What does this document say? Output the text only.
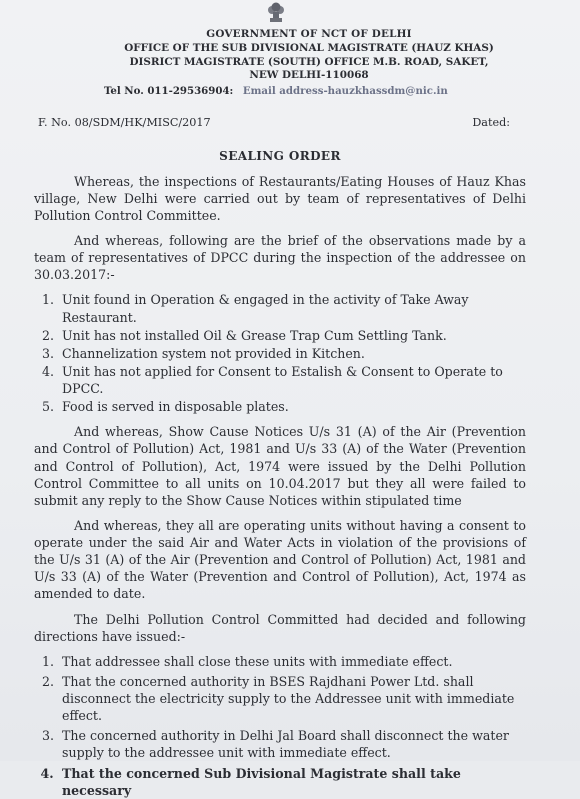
GOVERNMENT OF NCT OF DELHI
OFFICE OF THE SUB DIVISIONAL MAGISTRATE (HAUZ KHAS)
DISRICT MAGISTRATE (SOUTH) OFFICE M.B. ROAD, SAKET,
NEW DELHI-110068
Tel No. 011-29536904: Email address-hauzkhassdm@nic.in
F. No. 08/SDM/HK/MISC/2017	Dated:
SEALING ORDER

Whereas, the inspections of Restaurants/Eating Houses of Hauz Khas village, New Delhi were carried out by team of representatives of Delhi Pollution Control Committee.

And whereas, following are the brief of the observations made by a team of representatives of DPCC during the inspection of the addressee on 30.03.2017:-

1. Unit found in Operation & engaged in the activity of Take Away Restaurant.
2. Unit has not installed Oil & Grease Trap Cum Settling Tank.
3. Channelization system not provided in Kitchen.
4. Unit has not applied for Consent to Estalish & Consent to Operate to DPCC.
5. Food is served in disposable plates.

And whereas, Show Cause Notices U/s 31 (A) of the Air (Prevention and Control of Pollution) Act, 1981 and U/s 33 (A) of the Water (Prevention and Control of Pollution), Act, 1974 were issued by the Delhi Pollution Control Committee to all units on 10.04.2017 but they all were failed to submit any reply to the Show Cause Notices within stipulated time

And whereas, they all are operating units without having a consent to operate under the said Air and Water Acts in violation of the provisions of the U/s 31 (A) of the Air (Prevention and Control of Pollution) Act, 1981 and U/s 33 (A) of the Water (Prevention and Control of Pollution), Act, 1974 as amended to date.

The Delhi Pollution Control Committed had decided and following directions have issued:-

1. That addressee shall close these units with immediate effect.
2. That the concerned authority in BSES Rajdhani Power Ltd. shall disconnect the electricity supply to the Addressee unit with immediate effect.
3. The concerned authority in Delhi Jal Board shall disconnect the water supply to the addressee unit with immediate effect.
4. That the concerned Sub Divisional Magistrate shall take necessary
